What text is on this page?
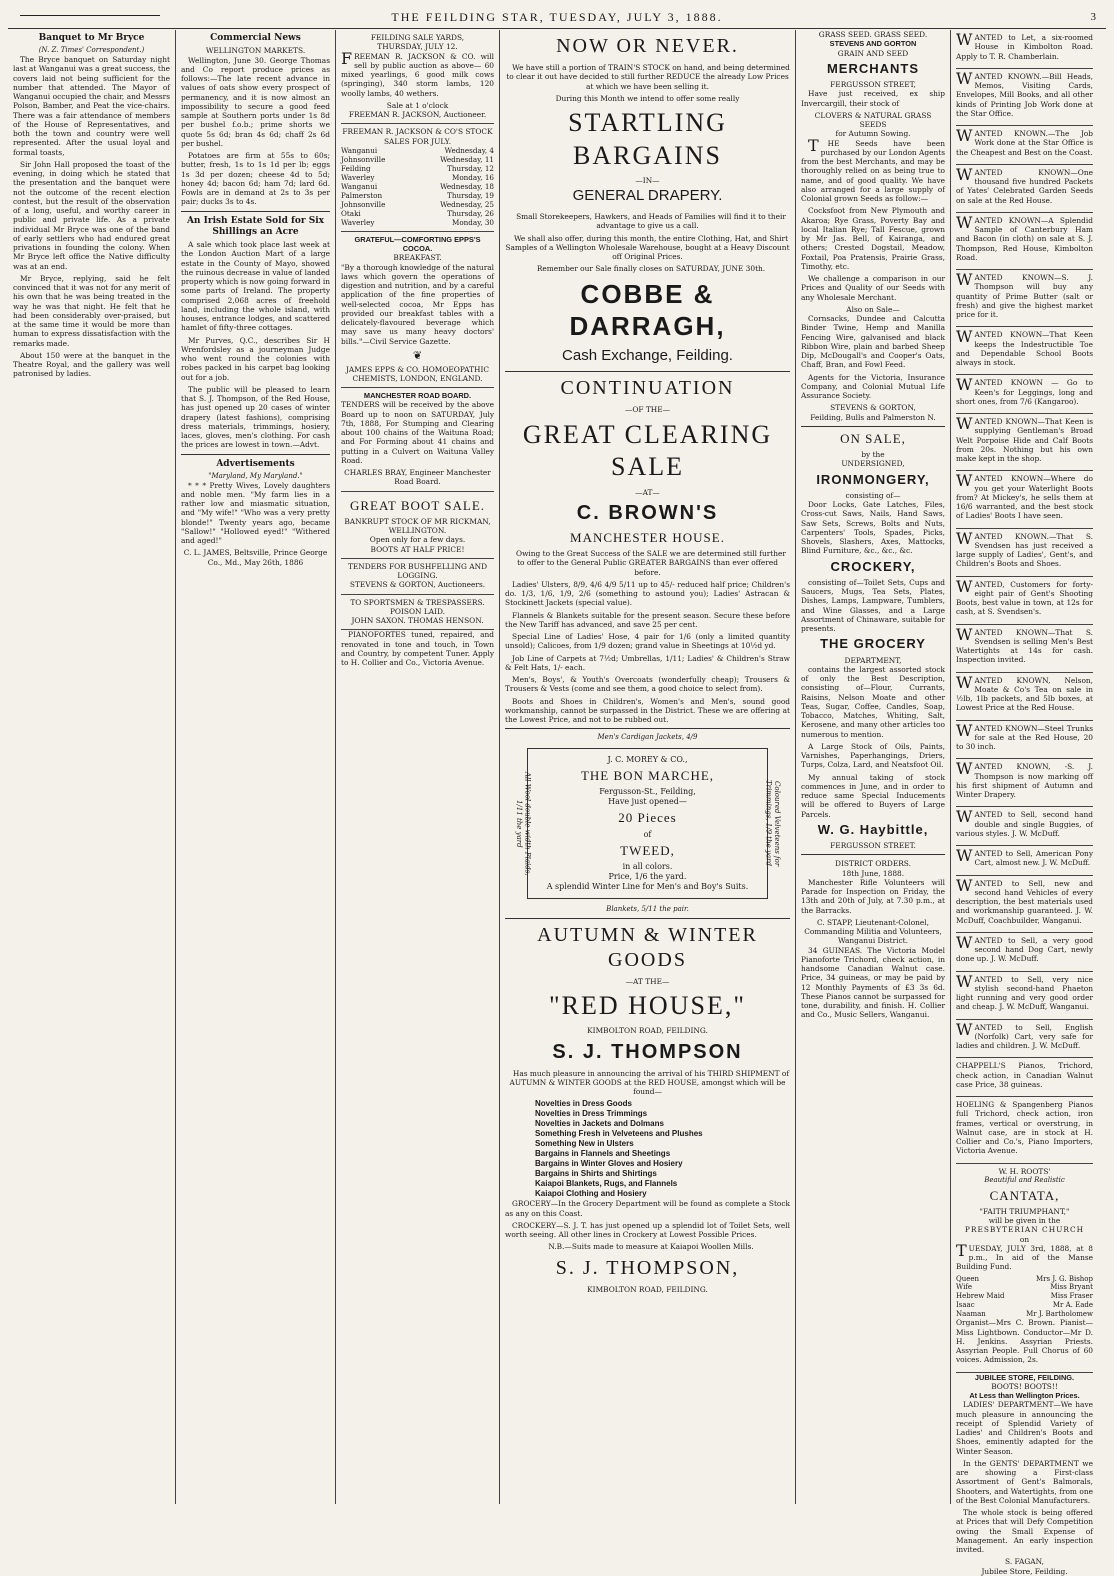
THE FEILDING STAR, TUESDAY, JULY 3, 1888.	3
Banquet to Mr Bryce
(N. Z. Times' Correspondent.)

The Bryce banquet on Saturday night last at Wanganui was a great success, the covers laid not being sufficient for the number that attended. The Mayor of Wanganui occupied the chair, and Messrs Polson, Bamber, and Peat the vice-chairs. There was a fair attendance of members of the House of Representatives, and both the town and country were well represented. After the usual loyal and formal toasts,

Sir John Hall proposed the toast of the evening, in doing which he stated that the presentation and the banquet were not the outcome of the recent election contest, but the result of the observation of a long, useful, and worthy career in public and private life. As a private individual Mr Bryce was one of the band of early settlers who had endured great privations in founding the colony. When Mr Bryce left office the Native difficulty was at an end.

Mr Bryce, replying, said he felt convinced that it was not for any merit of his own that he was being treated in the way he was that night. He felt that he had been considerably over-praised, but at the same time it would be more than human to express dissatisfaction with the remarks made.

About 150 were at the banquet in the Theatre Royal, and the gallery was well patronised by ladies.

Commercial News
WELLINGTON MARKETS.

Wellington, June 30. George Thomas and Co report produce prices as follows:—The late recent advance in values of oats show every prospect of permanency, and it is now almost an impossibility to secure a good feed sample at Southern ports under 1s 8d per bushel f.o.b.; prime shorts we quote 5s 6d; bran 4s 6d; chaff 2s 6d per bushel.

Potatoes are firm at 55s to 60s; butter, fresh, 1s to 1s 1d per lb; eggs 1s 3d per dozen; cheese 4d to 5d; honey 4d; bacon 6d; ham 7d; lard 6d. Fowls are in demand at 2s to 3s per pair; ducks 3s to 4s.

An Irish Estate Sold for Six Shillings an Acre

A sale which took place last week at the London Auction Mart of a large estate in the County of Mayo, showed the ruinous decrease in value of landed property which is now going forward in some parts of Ireland. The property comprised 2,068 acres of freehold land, including the whole island, with houses, entrance lodges, and scattered hamlet of fifty-three cottages.

Mr Purves, Q.C., describes Sir H Wrenfordsley as a journeyman Judge who went round the colonies with robes packed in his carpet bag looking out for a job.

The public will be pleased to learn that S. J. Thompson, of the Red House, has just opened up 20 cases of winter drapery (latest fashions), comprising dress materials, trimmings, hosiery, laces, gloves, men's clothing. For cash the prices are lowest in town.—Advt.

Advertisements
"Maryland, My Maryland."

* * * Pretty Wives, Lovely daughters and noble men. "My farm lies in a rather low and miasmatic situation, and "My wife!" "Who was a very pretty blonde!" Twenty years ago, became "Sallow!" "Hollowed eyed!" "Withered and aged!"

C. L. JAMES, Beltsville, Prince George Co., Md., May 26th, 1886
FEILDING SALE YARDS,
THURSDAY, JULY 12.

FREEMAN R. JACKSON & CO. will sell by public auction as above— 60 mixed yearlings, 6 good milk cows (springing), 340 storm lambs, 120 woolly lambs, 40 wethers.

Sale at 1 o'clock
FREEMAN R. JACKSON, Auctioneer.
FREEMAN R. JACKSON & CO'S STOCK SALES FOR JULY.
Wanganui	Wednesday, 4
Johnsonville	Wednesday, 11
Feilding	Thursday, 12
Waverley	Monday, 16
Wanganui	Wednesday, 18
Palmerston	Thursday, 19
Johnsonville	Wednesday, 25
Otaki	Thursday, 26
Waverley	Monday, 30
GRATEFUL—COMFORTING EPPS'S COCOA.
BREAKFAST.

"By a thorough knowledge of the natural laws which govern the operations of digestion and nutrition, and by a careful application of the fine properties of well-selected cocoa, Mr Epps has provided our breakfast tables with a delicately-flavoured beverage which may save us many heavy doctors' bills."—Civil Service Gazette.

❦
JAMES EPPS & CO. HOMOEOPATHIC CHEMISTS, LONDON, ENGLAND.
MANCHESTER ROAD BOARD.

TENDERS will be received by the above Board up to noon on SATURDAY, July 7th, 1888, For Stumping and Clearing about 100 chains of the Waituna Road; and For Forming about 41 chains and putting in a Culvert on Waituna Valley Road.

CHARLES BRAY, Engineer Manchester Road Board.
GREAT BOOT SALE.
BANKRUPT STOCK OF MR RICKMAN, WELLINGTON.
Open only for a few days.
BOOTS AT HALF PRICE!
TENDERS FOR BUSHFELLING AND LOGGING.
STEVENS & GORTON, Auctioneers.
TO SPORTSMEN & TRESPASSERS.
POISON LAID.
JOHN SAXON. THOMAS HENSON.

PIANOFORTES tuned, repaired, and renovated in tone and touch, in Town and Country, by competent Tuner. Apply to H. Collier and Co., Victoria Avenue.

NOW OR NEVER.

We have still a portion of TRAIN'S STOCK on hand, and being determined to clear it out have decided to still further REDUCE the already Low Prices at which we have been selling it.

During this Month we intend to offer some really
STARTLING BARGAINS
—IN—
GENERAL DRAPERY.

Small Storekeepers, Hawkers, and Heads of Families will find it to their advantage to give us a call.

We shall also offer, during this month, the entire Clothing, Hat, and Shirt Samples of a Wellington Wholesale Warehouse, bought at a Heavy Discount off Original Prices.

Remember our Sale finally closes on SATURDAY, JUNE 30th.

COBBE & DARRAGH,
Cash Exchange, Feilding.
CONTINUATION
—OF THE—
GREAT CLEARING SALE
—AT—
C. BROWN'S
MANCHESTER HOUSE.

Owing to the Great Success of the SALE we are determined still further to offer to the General Public GREATER BARGAINS than ever offered before.

Ladies' Ulsters, 8/9, 4/6 4/9 5/11 up to 45/- reduced half price; Children's do. 1/3, 1/6, 1/9, 2/6 (something to astound you); Ladies' Astracan & Stockinett Jackets (special value).

Flannels & Blankets suitable for the present season. Secure these before the New Tariff has advanced, and save 25 per cent.

Special Line of Ladies' Hose, 4 pair for 1/6 (only a limited quantity unsold); Calicoes, from 1/9 dozen; grand value in Sheetings at 10½d yd.

Job Line of Carpets at 7½d; Umbrellas, 1/11; Ladies' & Children's Straw & Felt Hats, 1/- each.

Men's, Boys', & Youth's Overcoats (wonderfully cheap); Trousers & Trousers & Vests (come and see them, a good choice to select from).

Boots and Shoes in Children's, Women's and Men's, sound good workmanship, cannot be surpassed in the District. These we are offering at the Lowest Price, and not to be rubbed out.

Men's Cardigan Jackets, 4/9
All Wool double width Plaids, 1/11 the yard	Coloured Velveteens for Trimmings, 1/9 the yard
J. C. MOREY & CO.,
THE BON MARCHE,
Fergusson-St., Feilding,
Have just opened—
20 Pieces
of
TWEED,
in all colors.
Price, 1/6 the yard.
A splendid Winter Line for Men's and Boy's Suits.
Blankets, 5/11 the pair.
AUTUMN & WINTER GOODS
—AT THE—
"RED HOUSE,"
KIMBOLTON ROAD, FEILDING.
S. J. THOMPSON

Has much pleasure in announcing the arrival of his THIRD SHIPMENT of AUTUMN & WINTER GOODS at the RED HOUSE, amongst which will be found—

Novelties in Dress Goods
Novelties in Dress Trimmings
Novelties in Jackets and Dolmans
Something Fresh in Velveteens and Plushes
Something New in Ulsters
Bargains in Flannels and Sheetings
Bargains in Winter Gloves and Hosiery
Bargains in Shirts and Shirtings
Kaiapoi Blankets, Rugs, and Flannels
Kaiapoi Clothing and Hosiery

GROCERY—In the Grocery Department will be found as complete a Stock as any on this Coast.

CROCKERY—S. J. T. has just opened up a splendid lot of Toilet Sets, well worth seeing. All other lines in Crockery at Lowest Possible Prices.

N.B.—Suits made to measure at Kaiapoi Woollen Mills.

S. J. THOMPSON,
KIMBOLTON ROAD, FEILDING.
GRASS SEED. GRASS SEED.
STEVENS AND GORTON
GRAIN AND SEED
MERCHANTS
FERGUSSON STREET,

Have just received, ex ship Invercargill, their stock of

CLOVERS & NATURAL GRASS SEEDS
for Autumn Sowing.

THE Seeds have been purchased by our London Agents from the best Merchants, and may be thoroughly relied on as being true to name, and of good quality. We have also arranged for a large supply of Colonial grown Seeds as follow:—

Cocksfoot from New Plymouth and Akaroa; Rye Grass, Poverty Bay and local Italian Rye; Tall Fescue, grown by Mr Jas. Bell, of Kairanga, and others; Crested Dogstail, Meadow, Foxtail, Poa Pratensis, Prairie Grass, Timothy, etc.

We challenge a comparison in our Prices and Quality of our Seeds with any Wholesale Merchant.

Also on Sale—

Cornsacks, Dundee and Calcutta Binder Twine, Hemp and Manilla Fencing Wire, galvanised and black Ribbon Wire, plain and barbed Sheep Dip, McDougall's and Cooper's Oats, Chaff, Bran, and Fowl Feed.

Agents for the Victoria, Insurance Company, and Colonial Mutual Life Assurance Society.

STEVENS & GORTON,
Feilding, Bulls and Palmerston N.
ON SALE,
by the
UNDERSIGNED,
IRONMONGERY,
consisting of—

Door Locks, Gate Latches, Files, Cross-cut Saws, Nails, Hand Saws, Saw Sets, Screws, Bolts and Nuts, Carpenters' Tools, Spades, Picks, Shovels, Slashers, Axes, Mattocks, Blind Furniture, &c., &c., &c.

CROCKERY,

consisting of—Toilet Sets, Cups and Saucers, Mugs, Tea Sets, Plates, Dishes, Lamps, Lampware, Tumblers, and Wine Glasses, and a Large Assortment of Chinaware, suitable for presents.

THE GROCERY
DEPARTMENT,

contains the largest assorted stock of only the Best Description, consisting of—Flour, Currants, Raisins, Nelson Moate and other Teas, Sugar, Coffee, Candles, Soap, Tobacco, Matches, Whiting, Salt, Kerosene, and many other articles too numerous to mention.

A Large Stock of Oils, Paints, Varnishes, Paperhangings, Driers, Turps, Colza, Lard, and Neatsfoot Oil.

My annual taking of stock commences in June, and in order to reduce same Special Inducements will be offered to Buyers of Large Parcels.

W. G. Haybittle,
FERGUSSON STREET.
DISTRICT ORDERS.
18th June, 1888.

Manchester Rifle Volunteers will Parade for Inspection on Friday, the 13th and 20th of July, at 7.30 p.m., at the Barracks.

C. STAPP, Lieutenant-Colonel, Commanding Militia and Volunteers, Wanganui District.

34 GUINEAS. The Victoria Model Pianoforte Trichord, check action, in handsome Canadian Walnut case. Price, 34 guineas, or may be paid by 12 Monthly Payments of £3 3s 6d. These Pianos cannot be surpassed for tone, durability, and finish. H. Collier and Co., Music Sellers, Wanganui.

WANTED to Let, a six-roomed House in Kimbolton Road. Apply to T. R. Chamberlain.

WANTED KNOWN.—Bill Heads, Memos, Visiting Cards, Envelopes, Mill Books, and all other kinds of Printing Job Work done at the Star Office.

WANTED KNOWN.—The Job Work done at the Star Office is the Cheapest and Best on the Coast.

WANTED KNOWN—One thousand five hundred Packets of Yates' Celebrated Garden Seeds on sale at the Red House.

WANTED KNOWN—A Splendid Sample of Canterbury Ham and Bacon (in cloth) on sale at S. J. Thompson, Red House, Kimbolton Road.

WANTED KNOWN—S. J. Thompson will buy any quantity of Prime Butter (salt or fresh) and give the highest market price for it.

WANTED KNOWN—That Keen keeps the Indestructible Toe and Dependable School Boots always in stock.

WANTED KNOWN — Go to Keen's for Leggings, long and short ones, from 7/6 (Kangaroo).

WANTED KNOWN—That Keen is supplying Gentleman's Broad Welt Porpoise Hide and Calf Boots from 20s. Nothing but his own make kept in the shop.

WANTED KNOWN—Where do you get your Waterlight Boots from? At Mickey's, he sells them at 16/6 warranted, and the best stock of Ladies' Boots I have seen.

WANTED KNOWN.—That S. Svendsen has just received a large supply of Ladies', Gent's, and Children's Boots and Shoes.

WANTED, Customers for forty-eight pair of Gent's Shooting Boots, best value in town, at 12s for cash, at S. Svendsen's.

WANTED KNOWN—That S. Svendsen is selling Men's Best Watertights at 14s for cash. Inspection invited.

WANTED KNOWN, Nelson, Moate & Co's Tea on sale in ½lb, 1lb packets, and 5lb boxes, at Lowest Price at the Red House.

WANTED KNOWN—Steel Trunks for sale at the Red House, 20 to 30 inch.

WANTED KNOWN, -S. J. Thompson is now marking off his first shipment of Autumn and Winter Drapery.

WANTED to Sell, second hand double and single Buggies, of various styles. J. W. McDuff.

WANTED to Sell, American Pony Cart, almost new. J. W. McDuff.

WANTED to Sell, new and second hand Vehicles of every description, the best materials used and workmanship guaranteed. J. W. McDuff, Coachbuilder, Wanganui.

WANTED to Sell, a very good second hand Dog Cart, newly done up. J. W. McDuff.

WANTED to Sell, very nice stylish second-hand Phaeton light running and very good order and cheap. J. W. McDuff, Wanganui.

WANTED to Sell, English (Norfolk) Cart, very safe for ladies and children. J. W. McDuff.

CHAPPELL'S Pianos, Trichord, check action, in Canadian Walnut case Price, 38 guineas.

HOELING & Spangenberg Pianos full Trichord, check action, iron frames, vertical or overstrung, in Walnut case, are in stock at H. Collier and Co.'s, Piano Importers, Victoria Avenue.

W. H. ROOTS'
Beautiful and Realistic
CANTATA,
"FAITH TRIUMPHANT,"
will be given in the
PRESBYTERIAN CHURCH
on

TUESDAY, JULY 3rd, 1888, at 8 p.m., In aid of the Manse Building Fund.

Queen	Mrs J. G. Bishop
Wife	Miss Bryant
Hebrew Maid	Miss Fraser
Isaac	Mr A. Eade
Naaman	Mr J. Bartholomew

Organist—Mrs C. Brown. Pianist—Miss Lightbown. Conductor—Mr D. H. Jenkins. Assyrian Priests. Assyrian People. Full Chorus of 60 voices. Admission, 2s.

JUBILEE STORE, FEILDING.
BOOTS! BOOTS!!
At Less than Wellington Prices.

LADIES' DEPARTMENT—We have much pleasure in announcing the receipt of Splendid Variety of Ladies' and Children's Boots and Shoes, eminently adapted for the Winter Season.

In the GENTS' DEPARTMENT we are showing a First-class Assortment of Gent's Balmorals, Shooters, and Watertights, from one of the Best Colonial Manufacturers.

The whole stock is being offered at Prices that will Defy Competition owing the Small Expense of Management. An early inspection invited.

S. FAGAN,
Jubilee Store, Feilding.
